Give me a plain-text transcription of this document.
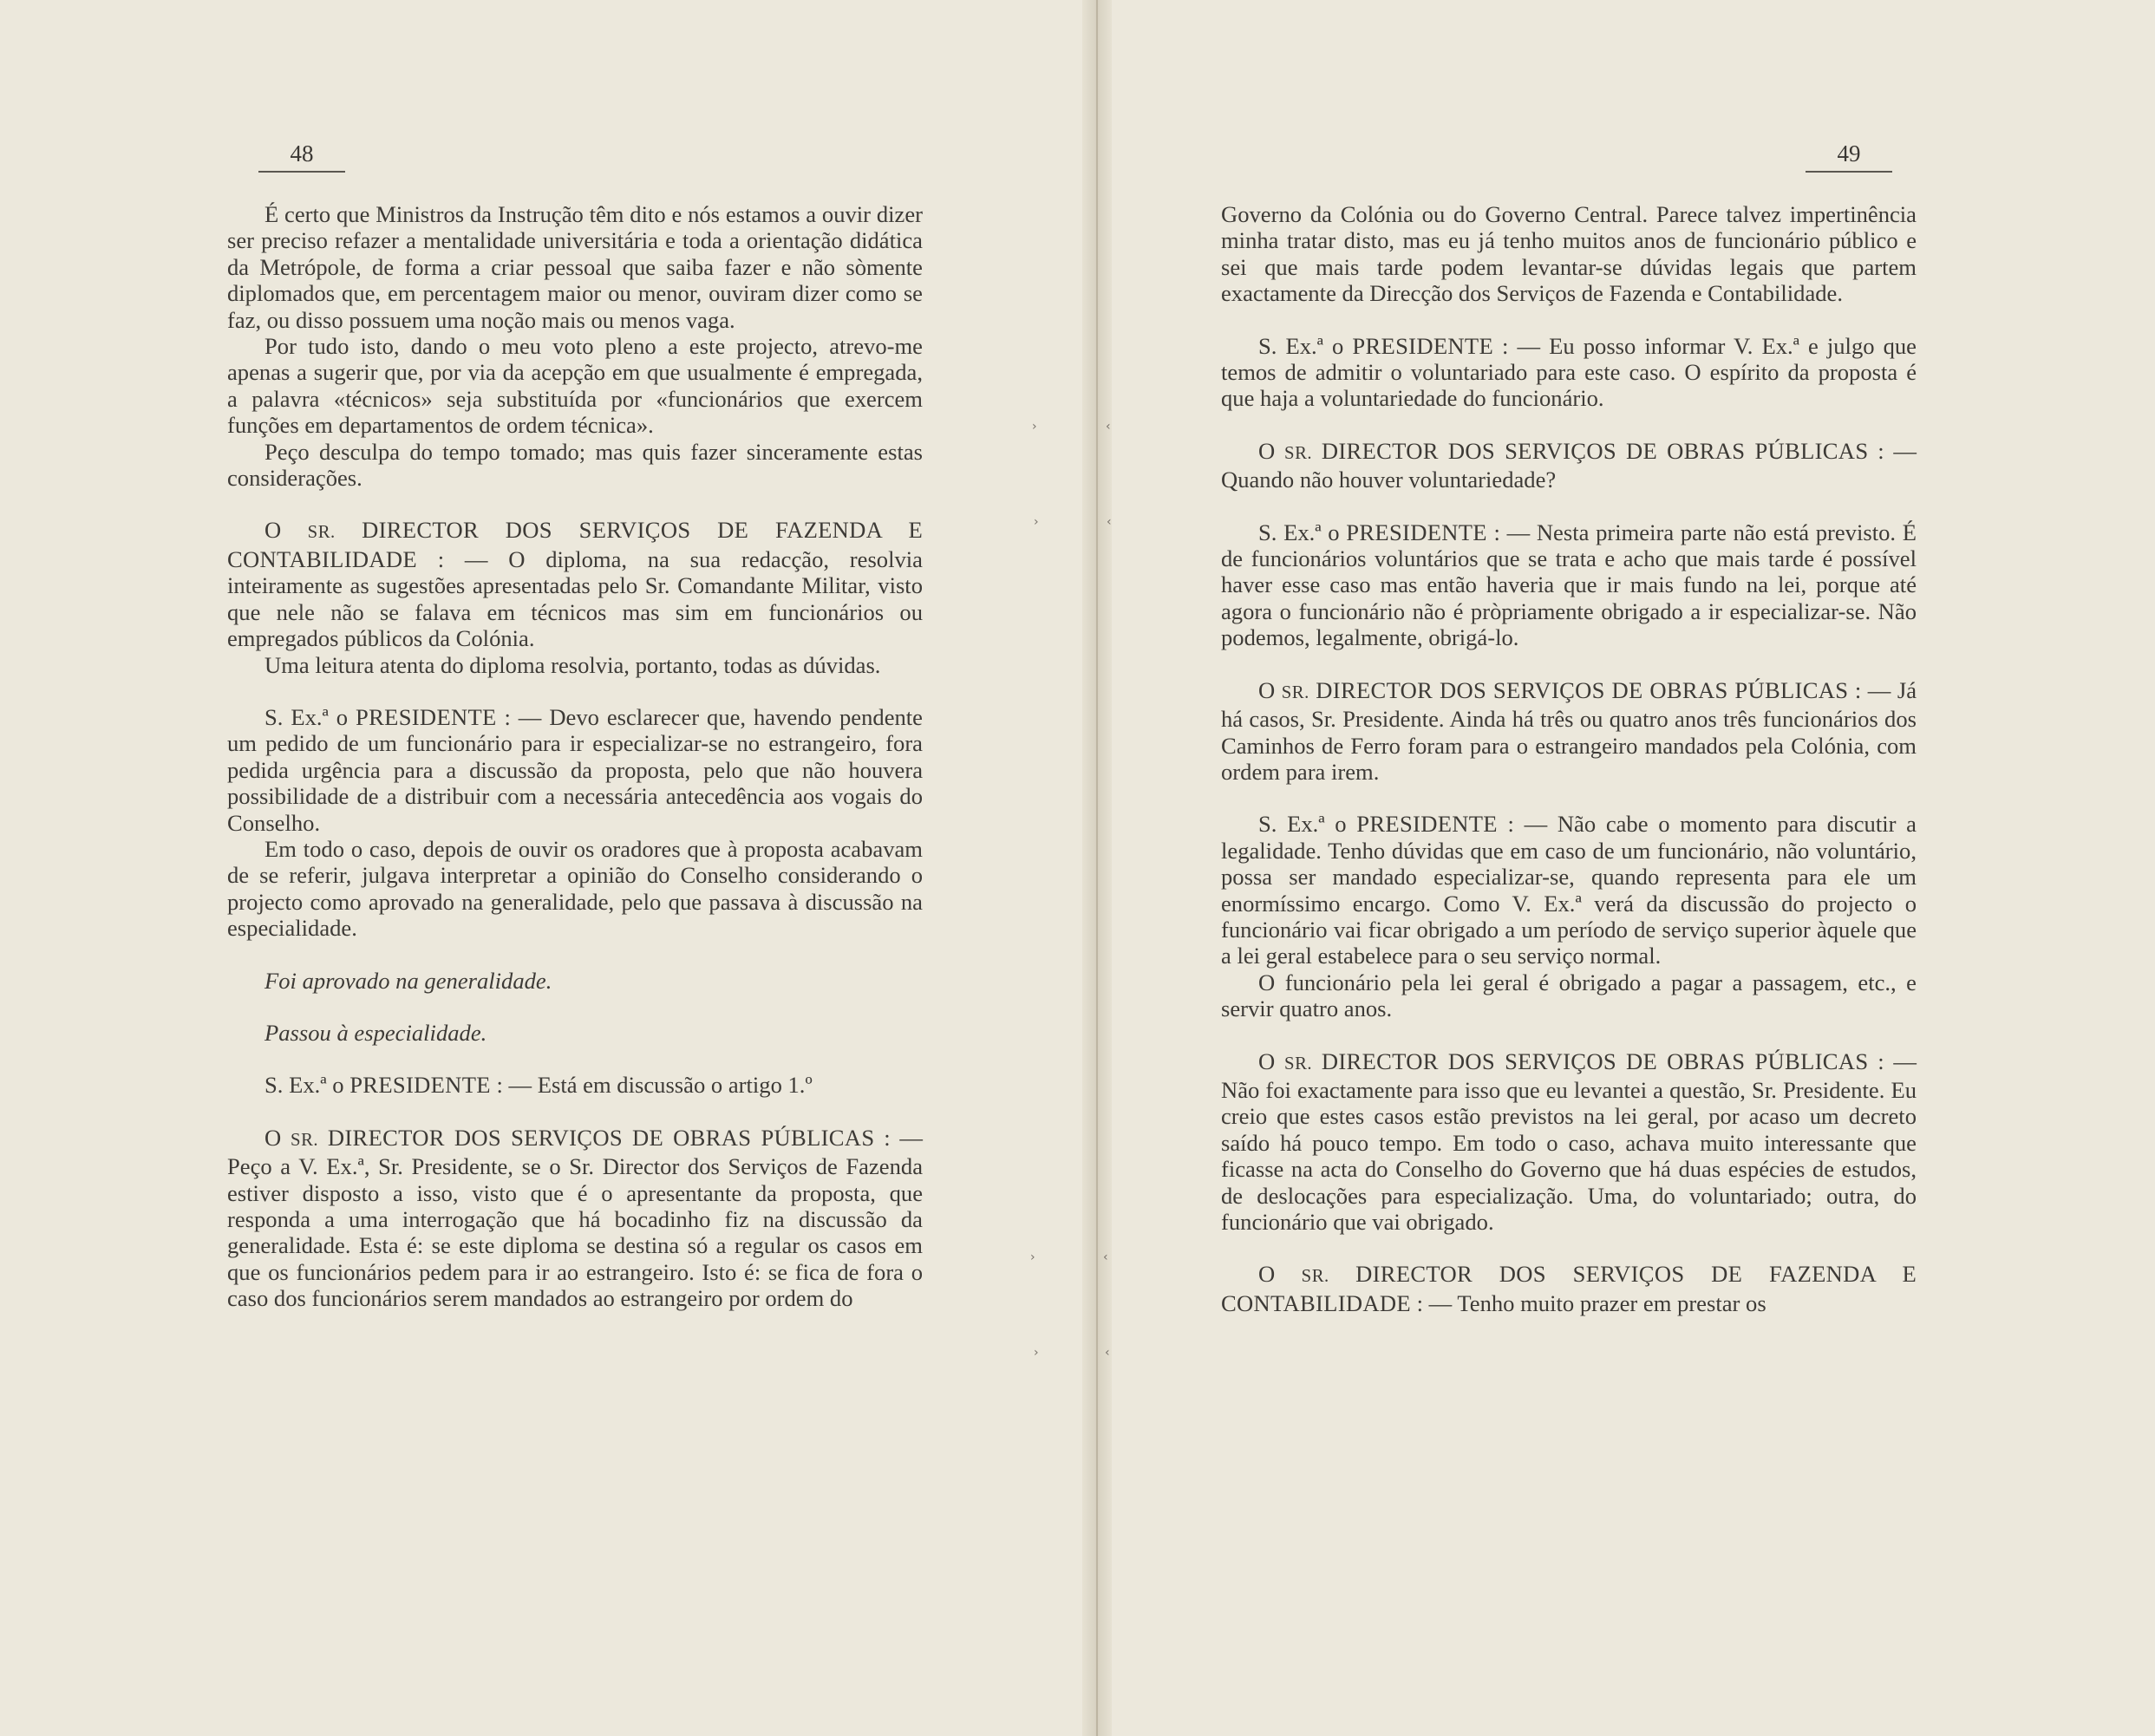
48

É certo que Ministros da Instrução têm dito e nós estamos a ouvir dizer ser preciso refazer a mentalidade universitária e toda a orientação didática da Metrópole, de forma a criar pessoal que saiba fazer e não sòmente diplomados que, em percentagem maior ou menor, ouviram dizer como se faz, ou disso possuem uma noção mais ou menos vaga.

Por tudo isto, dando o meu voto pleno a este projecto, atrevo-me apenas a sugerir que, por via da acepção em que usualmente é empregada, a palavra «técnicos» seja substituída por «funcionários que exercem funções em departamentos de ordem técnica».

Peço desculpa do tempo tomado; mas quis fazer sinceramente estas considerações.

O SR. DIRECTOR DOS SERVIÇOS DE FAZENDA E CONTABILIDADE : — O diploma, na sua redacção, resolvia inteiramente as sugestões apresentadas pelo Sr. Comandante Militar, visto que nele não se falava em técnicos mas sim em funcionários ou empregados públicos da Colónia.

Uma leitura atenta do diploma resolvia, portanto, todas as dúvidas.

S. Ex.ª o PRESIDENTE : — Devo esclarecer que, havendo pendente um pedido de um funcionário para ir especializar-se no estrangeiro, fora pedida urgência para a discussão da proposta, pelo que não houvera possibilidade de a distribuir com a necessária antecedência aos vogais do Conselho.

Em todo o caso, depois de ouvir os oradores que à proposta acabavam de se referir, julgava interpretar a opinião do Conselho considerando o projecto como aprovado na generalidade, pelo que passava à discussão na especialidade.

Foi aprovado na generalidade.

Passou à especialidade.

S. Ex.ª o PRESIDENTE : — Está em discussão o artigo 1.º

O SR. DIRECTOR DOS SERVIÇOS DE OBRAS PÚBLICAS : — Peço a V. Ex.ª, Sr. Presidente, se o Sr. Director dos Serviços de Fazenda estiver disposto a isso, visto que é o apresentante da proposta, que responda a uma interrogação que há bocadinho fiz na discussão da generalidade. Esta é: se este diploma se destina só a regular os casos em que os funcionários pedem para ir ao estrangeiro. Isto é: se fica de fora o caso dos funcionários serem mandados ao estrangeiro por ordem do

49

Governo da Colónia ou do Governo Central. Parece talvez impertinência minha tratar disto, mas eu já tenho muitos anos de funcionário público e sei que mais tarde podem levantar-se dúvidas legais que partem exactamente da Direcção dos Serviços de Fazenda e Contabilidade.

S. Ex.ª o PRESIDENTE : — Eu posso informar V. Ex.ª e julgo que temos de admitir o voluntariado para este caso. O espírito da proposta é que haja a voluntariedade do funcionário.

O SR. DIRECTOR DOS SERVIÇOS DE OBRAS PÚBLICAS : — Quando não houver voluntariedade?

S. Ex.ª o PRESIDENTE : — Nesta primeira parte não está previsto. É de funcionários voluntários que se trata e acho que mais tarde é possível haver esse caso mas então haveria que ir mais fundo na lei, porque até agora o funcionário não é pròpriamente obrigado a ir especializar-se. Não podemos, legalmente, obrigá-lo.

O SR. DIRECTOR DOS SERVIÇOS DE OBRAS PÚBLICAS : — Já há casos, Sr. Presidente. Ainda há três ou quatro anos três funcionários dos Caminhos de Ferro foram para o estrangeiro mandados pela Colónia, com ordem para irem.

S. Ex.ª o PRESIDENTE : — Não cabe o momento para discutir a legalidade. Tenho dúvidas que em caso de um funcionário, não voluntário, possa ser mandado especializar-se, quando representa para ele um enormíssimo encargo. Como V. Ex.ª verá da discussão do projecto o funcionário vai ficar obrigado a um período de serviço superior àquele que a lei geral estabelece para o seu serviço normal.

O funcionário pela lei geral é obrigado a pagar a passagem, etc., e servir quatro anos.

O SR. DIRECTOR DOS SERVIÇOS DE OBRAS PÚBLICAS : — Não foi exactamente para isso que eu levantei a questão, Sr. Presidente. Eu creio que estes casos estão previstos na lei geral, por acaso um decreto saído há pouco tempo. Em todo o caso, achava muito interessante que ficasse na acta do Conselho do Governo que há duas espécies de estudos, de deslocações para especialização. Uma, do voluntariado; outra, do funcionário que vai obrigado.

O SR. DIRECTOR DOS SERVIÇOS DE FAZENDA E CONTABILIDADE : — Tenho muito prazer em prestar os

›	‹
›	‹
›	‹
›	‹
